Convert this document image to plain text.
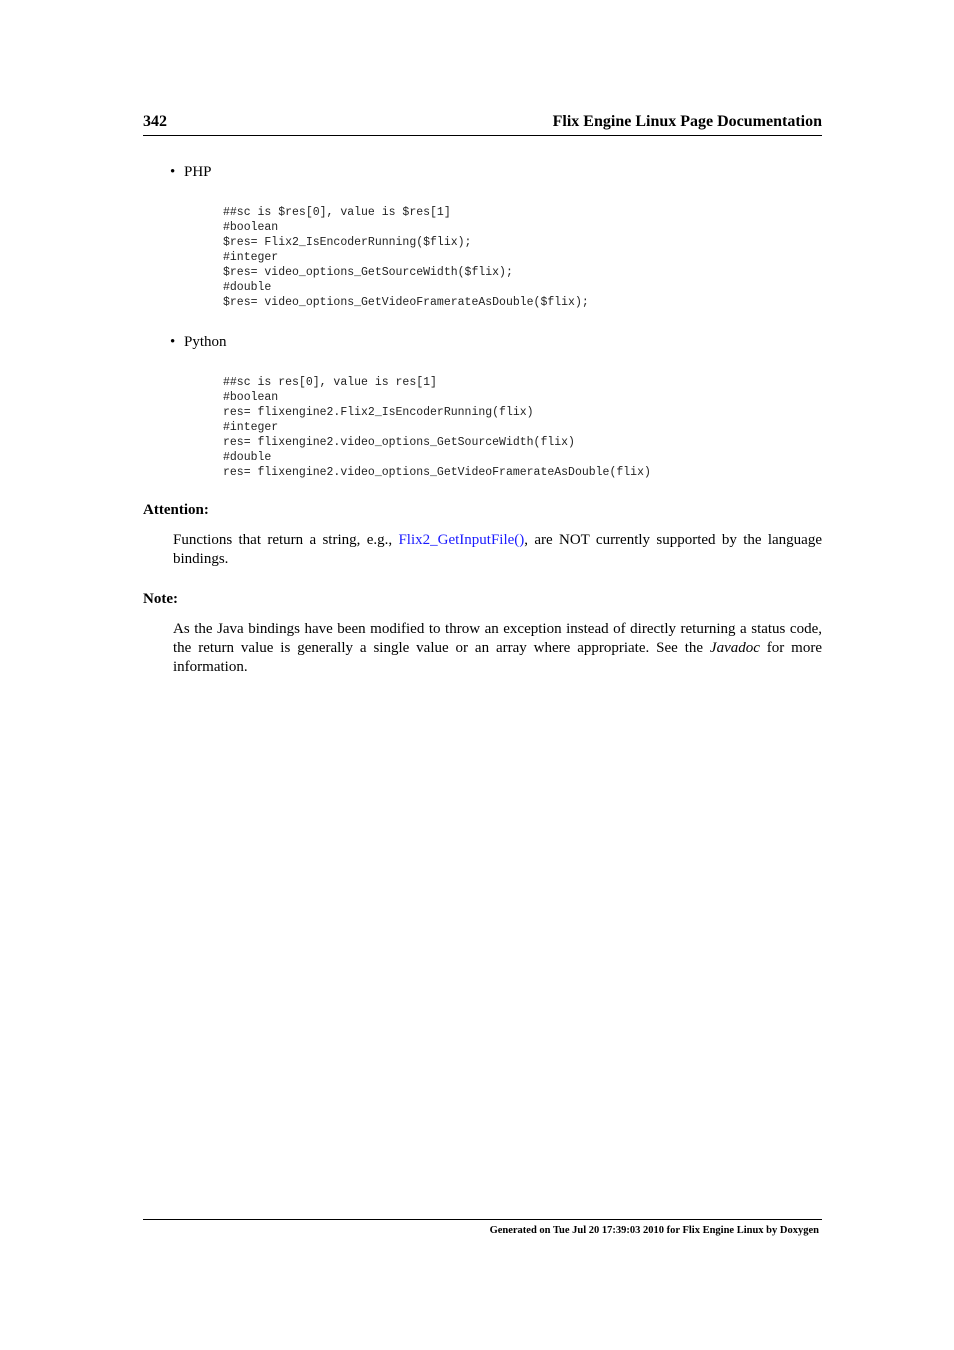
342	Flix Engine Linux Page Documentation
• PHP
##sc is $res[0], value is $res[1]
#boolean
$res= Flix2_IsEncoderRunning($flix);
#integer
$res= video_options_GetSourceWidth($flix);
#double
$res= video_options_GetVideoFramerateAsDouble($flix);
• Python
##sc is res[0], value is res[1]
#boolean
res= flixengine2.Flix2_IsEncoderRunning(flix)
#integer
res= flixengine2.video_options_GetSourceWidth(flix)
#double
res= flixengine2.video_options_GetVideoFramerateAsDouble(flix)
Attention:
Functions that return a string, e.g., Flix2_GetInputFile(), are NOT currently supported by the language bindings.
Note:
As the Java bindings have been modified to throw an exception instead of directly returning a status code, the return value is generally a single value or an array where appropriate. See the Javadoc for more information.
Generated on Tue Jul 20 17:39:03 2010 for Flix Engine Linux by Doxygen
